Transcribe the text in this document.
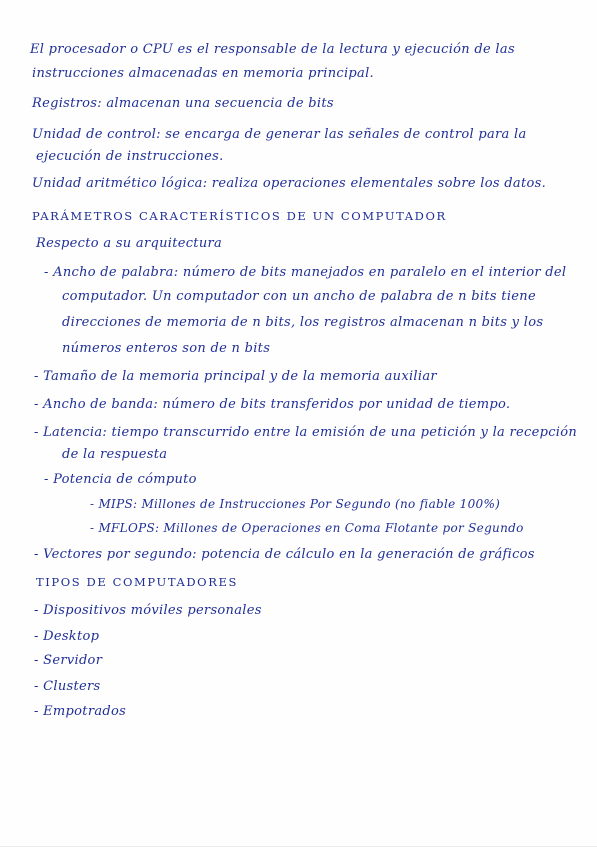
El procesador o CPU es el responsable de la lectura y ejecución de las
instrucciones almacenadas en memoria principal.
Registros: almacenan una secuencia de bits
Unidad de control: se encarga de generar las señales de control para la
ejecución de instrucciones.
Unidad aritmético lógica: realiza operaciones elementales sobre los datos.
PARÁMETROS CARACTERÍSTICOS DE UN COMPUTADOR
Respecto a su arquitectura
- Ancho de palabra: número de bits manejados en paralelo en el interior del
computador. Un computador con un ancho de palabra de n bits tiene
direcciones de memoria de n bits, los registros almacenan n bits y los
números enteros son de n bits
- Tamaño de la memoria principal y de la memoria auxiliar
- Ancho de banda: número de bits transferidos por unidad de tiempo.
- Latencia: tiempo transcurrido entre la emisión de una petición y la recepción
de la respuesta
- Potencia de cómputo
- MIPS: Millones de Instrucciones Por Segundo (no fiable 100%)
- MFLOPS: Millones de Operaciones en Coma Flotante por Segundo
- Vectores por segundo: potencia de cálculo en la generación de gráficos
TIPOS DE COMPUTADORES
- Dispositivos móviles personales
- Desktop
- Servidor
- Clusters
- Empotrados
